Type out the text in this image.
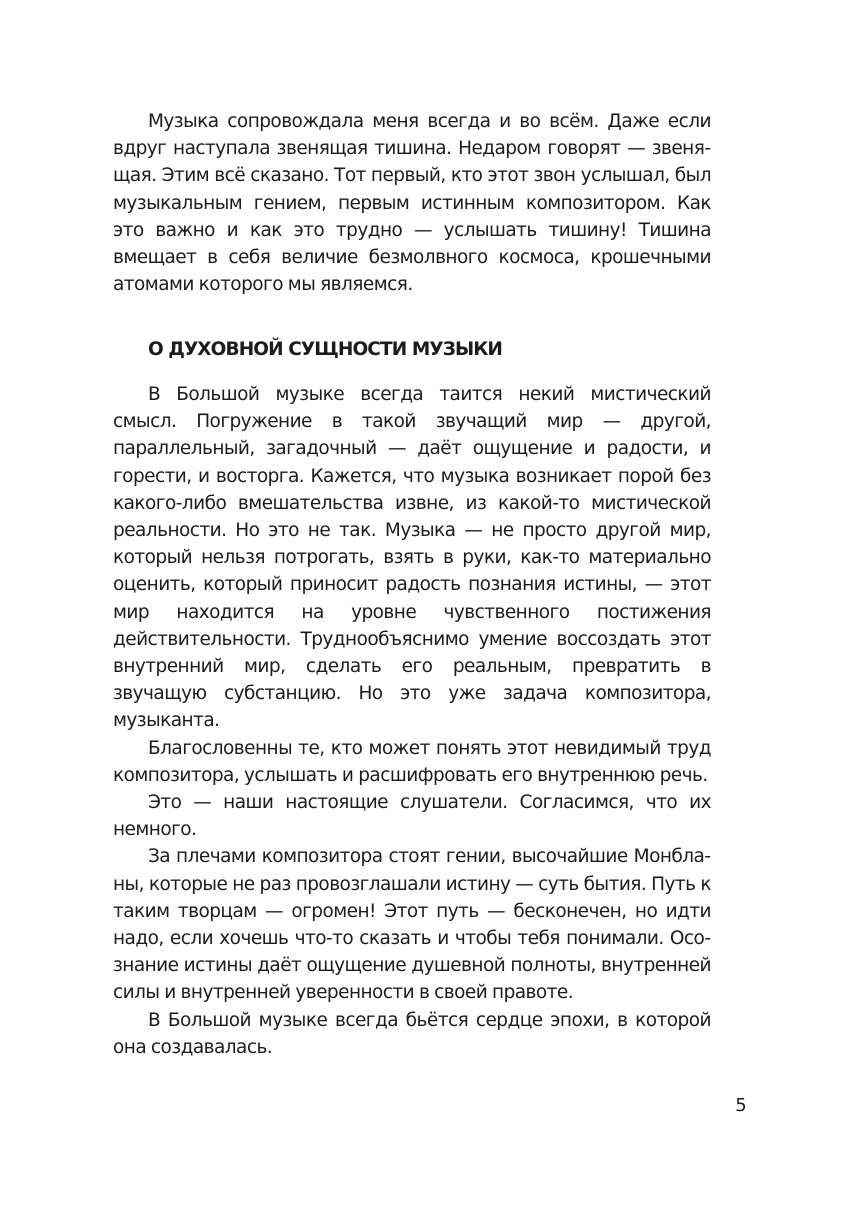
Музыка сопровождала меня всегда и во всём. Даже если вдруг наступала звенящая тишина. Недаром говорят — звенящая. Этим всё сказано. Тот первый, кто этот звон услышал, был музыкальным гением, первым истинным композитором. Как это важно и как это трудно — услышать тишину! Тишина вмещает в себя величие безмолвного космоса, крошечными атомами которого мы являемся.

О ДУХОВНОЙ СУЩНОСТИ МУЗЫКИ

В Большой музыке всегда таится некий мистический смысл. Погружение в такой звучащий мир — другой, параллельный, загадочный — даёт ощущение и радости, и горести, и восторга. Кажется, что музыка возникает порой без какого-либо вмешательства извне, из какой-то мистической реальности. Но это не так. Музыка — не просто другой мир, который нельзя потрогать, взять в руки, как-то материально оценить, который приносит радость познания истины, — этот мир находится на уровне чувственного постижения действительности. Труднообъяснимо умение воссоздать этот внутренний мир, сделать его реальным, превратить в звучащую субстанцию. Но это уже задача композитора, музыканта.

Благословенны те, кто может понять этот невидимый труд композитора, услышать и расшифровать его внутреннюю речь.

Это — наши настоящие слушатели. Согласимся, что их немного.

За плечами композитора стоят гении, высочайшие Монбланы, которые не раз провозглашали истину — суть бытия. Путь к таким творцам — огромен! Этот путь — бесконечен, но идти надо, если хочешь что-то сказать и чтобы тебя понимали. Осознание истины даёт ощущение душевной полноты, внутренней силы и внутренней уверенности в своей правоте.

В Большой музыке всегда бьётся сердце эпохи, в которой она создавалась.

5
